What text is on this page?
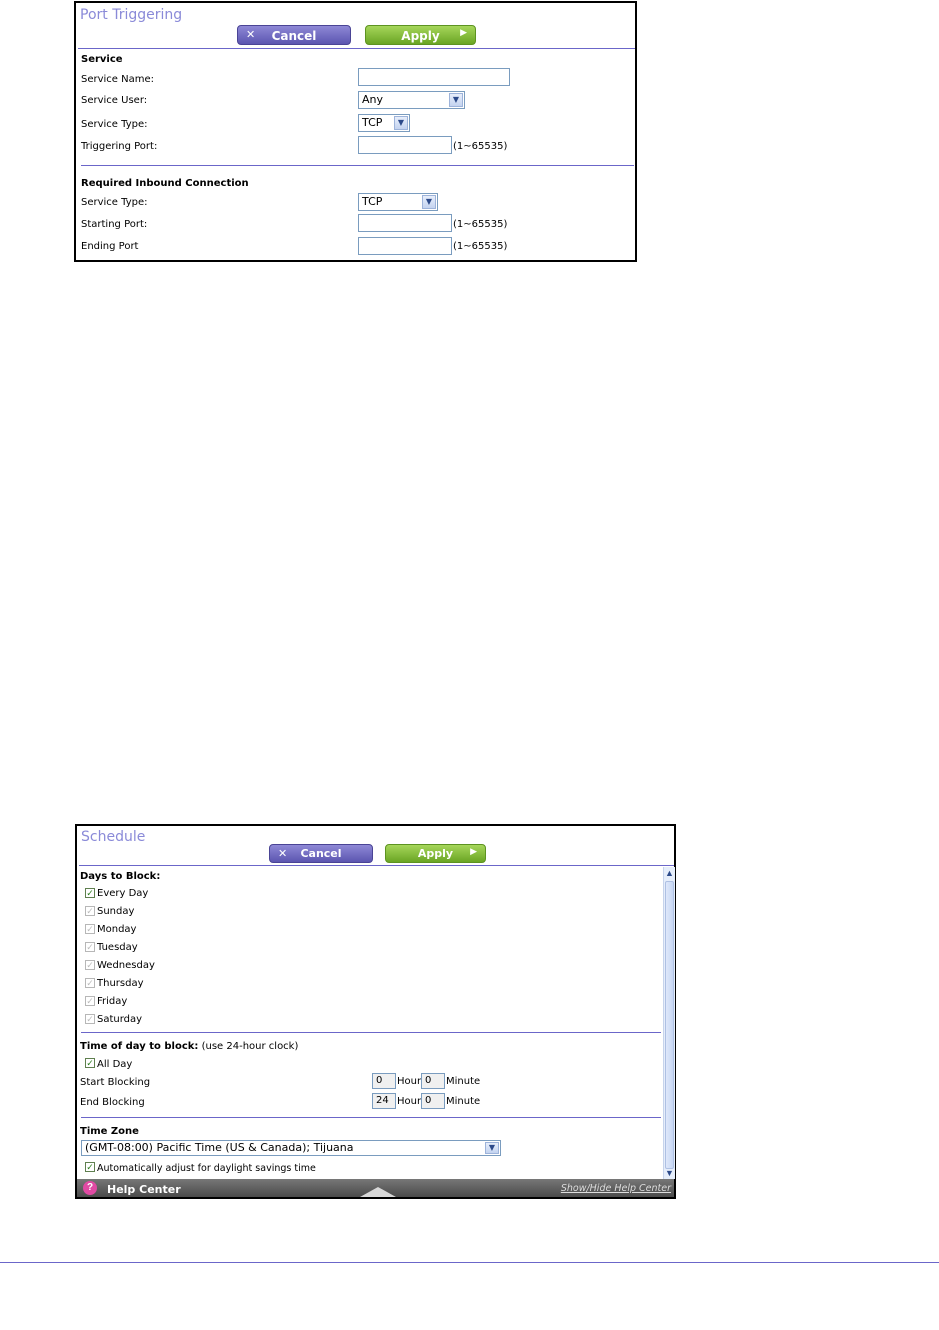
Port Triggering
✕	Cancel	Apply	▶
Service
Service Name:
Service User:	Any	▼
Service Type:	TCP	▼
Triggering Port:	(1~65535)
Required Inbound Connection
Service Type:	TCP	▼
Starting Port:	(1~65535)
Ending Port	(1~65535)
Schedule
✕	Cancel	Apply	▶
▲
▼
Days to Block:
✓ Every Day
✓ Sunday
✓ Monday
✓ Tuesday
✓ Wednesday
✓ Thursday
✓ Friday
✓ Saturday
Time of day to block: (use 24-hour clock)
✓ All Day
Start Blocking	0	Hour 0	Minute
End Blocking	24 Hour 0	Minute
Time Zone
(GMT-08:00) Pacific Time (US & Canada); Tijuana	▼
✓ Automatically adjust for daylight savings time
?	Help Center	Show/Hide Help Center
